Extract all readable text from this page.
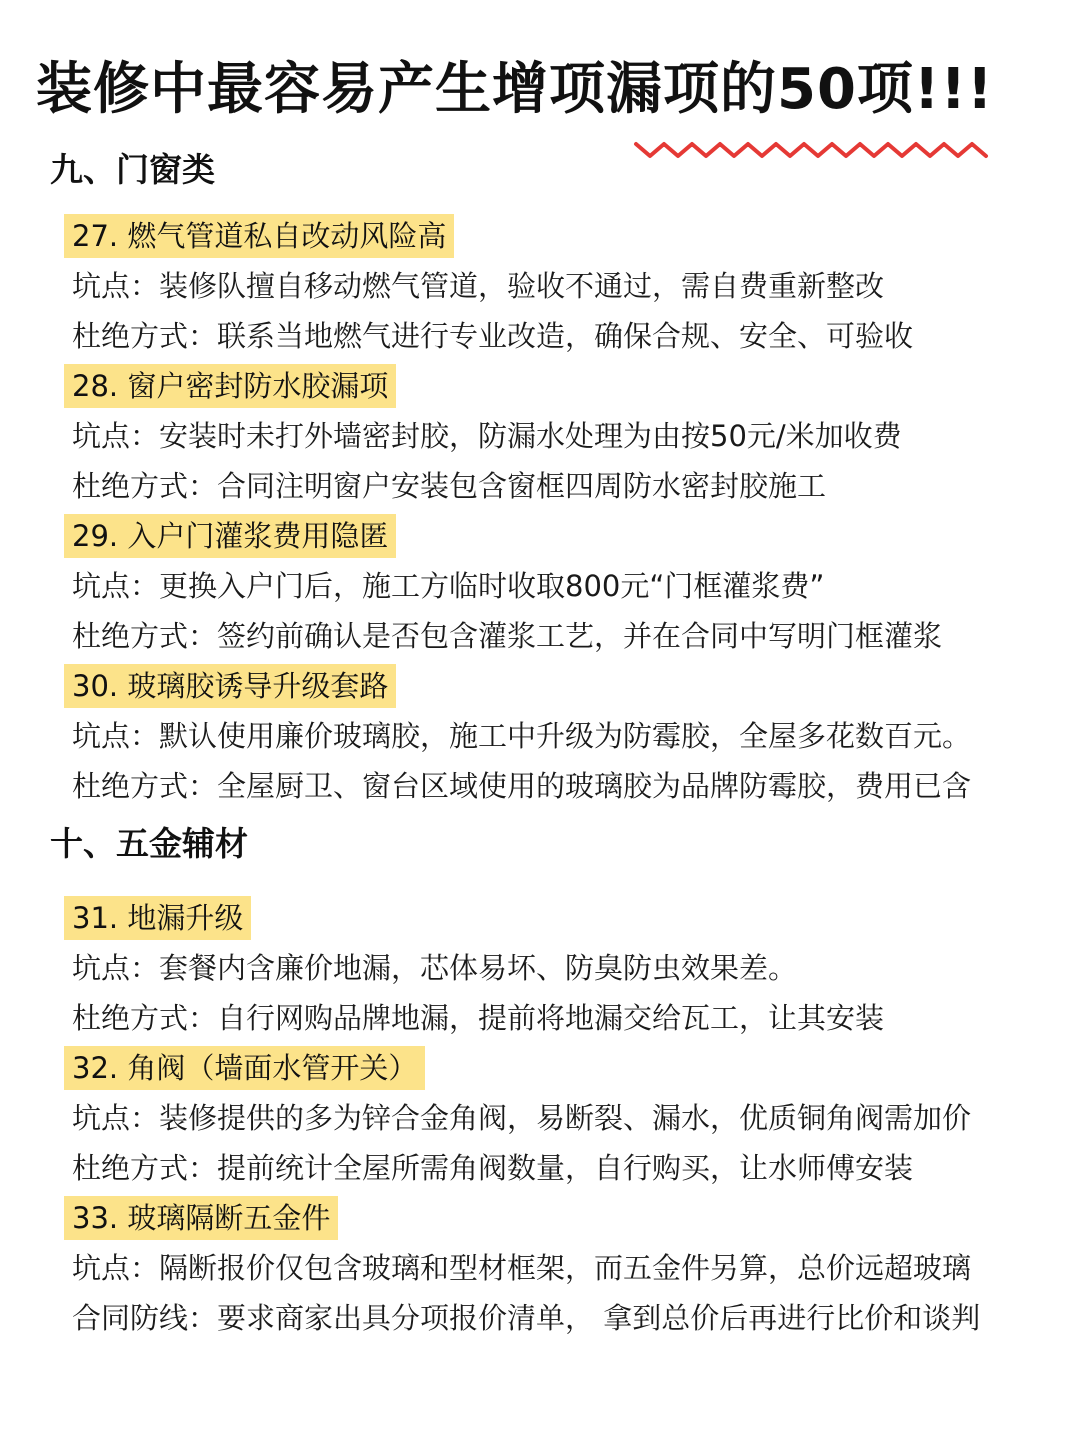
装修中最容易产生增项漏项的50项!!!
九、门窗类
27. 燃气管道私自改动风险高
坑点：装修队擅自移动燃气管道，验收不通过，需自费重新整改
杜绝方式：联系当地燃气进行专业改造，确保合规、安全、可验收
28. 窗户密封防水胶漏项
坑点：安装时未打外墙密封胶，防漏水处理为由按50元/米加收费
杜绝方式：合同注明窗户安装包含窗框四周防水密封胶施工
29. 入户门灌浆费用隐匿
坑点：更换入户门后，施工方临时收取800元“门框灌浆费”
杜绝方式：签约前确认是否包含灌浆工艺，并在合同中写明门框灌浆
30. 玻璃胶诱导升级套路
坑点：默认使用廉价玻璃胶，施工中升级为防霉胶，全屋多花数百元。
杜绝方式：全屋厨卫、窗台区域使用的玻璃胶为品牌防霉胶，费用已含
十、五金辅材
31. 地漏升级
坑点：套餐内含廉价地漏，芯体易坏、防臭防虫效果差。
杜绝方式：自行网购品牌地漏，提前将地漏交给瓦工，让其安装
32. 角阀（墙面水管开关）
坑点：装修提供的多为锌合金角阀，易断裂、漏水，优质铜角阀需加价
杜绝方式：提前统计全屋所需角阀数量，自行购买，让水师傅安装
33. 玻璃隔断五金件
坑点：隔断报价仅包含玻璃和型材框架，而五金件另算，总价远超玻璃
合同防线：要求商家出具分项报价清单， 拿到总价后再进行比价和谈判
